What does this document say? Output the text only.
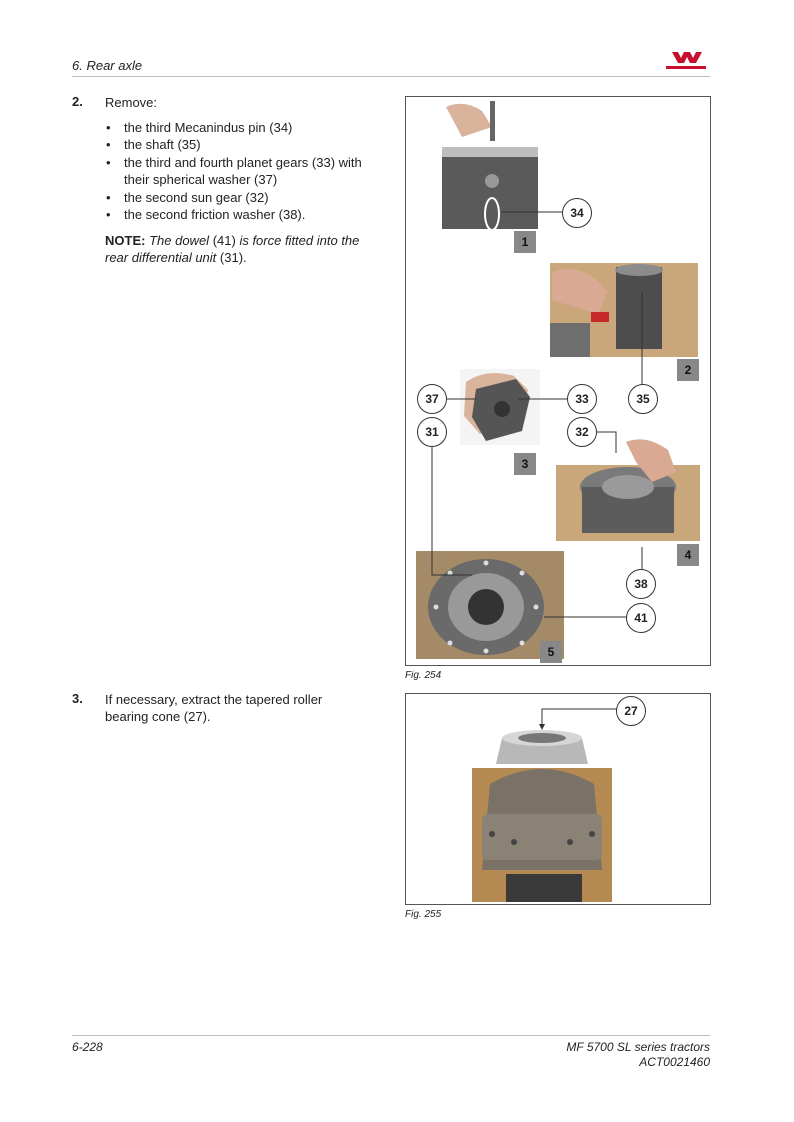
6. Rear axle
2. Remove:
• the third Mecanindus pin (34)
• the shaft (35)
• the third and fourth planet gears (33) with their spherical washer (37)
• the second sun gear (32)
• the second friction washer (38).
NOTE: The dowel (41) is force fitted into the rear differential unit (31).
3. If necessary, extract the tapered roller bearing cone (27).
1
2
3
4
5
34
35
37	33
31	32
38
41
Fig. 254
27
Fig. 255
6-228	MF 5700 SL series tractors
ACT0021460
